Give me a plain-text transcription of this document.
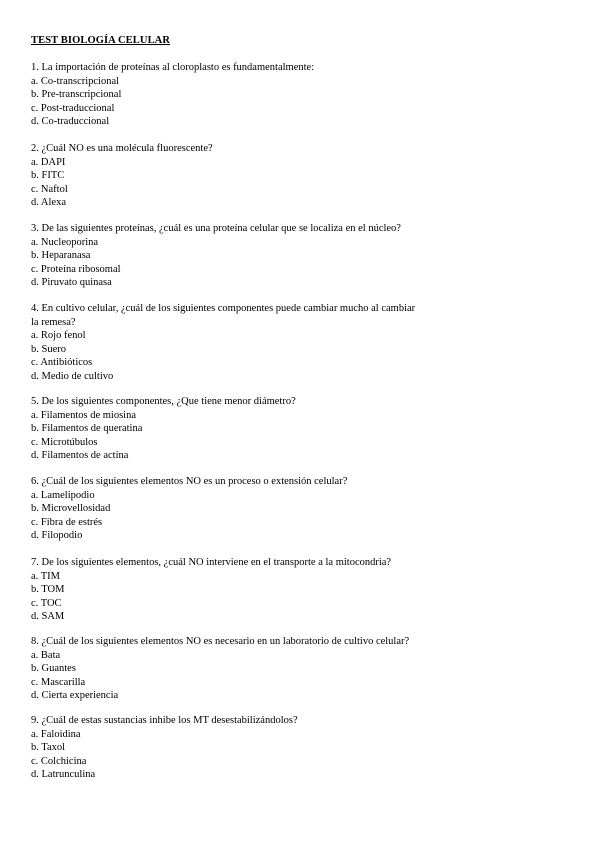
TEST BIOLOGÍA CELULAR
1. La importación de proteínas al cloroplasto es fundamentalmente:
a. Co-transcripcional
b. Pre-transcripcional
c. Post-traduccional
d. Co-traduccional
2. ¿Cuál NO es una molécula fluorescente?
a. DAPI
b. FITC
c. Naftol
d. Alexa
3. De las siguientes proteínas, ¿cuál es una proteína celular que se localiza en el núcleo?
a. Nucleoporina
b. Heparanasa
c. Proteína ribosomal
d. Piruvato quinasa
4. En cultivo celular, ¿cuál de los siguientes componentes puede cambiar mucho al cambiar la remesa?
a. Rojo fenol
b. Suero
c. Antibióticos
d. Medio de cultivo
5. De los siguientes componentes, ¿Que tiene menor diámetro?
a. Filamentos de miosina
b. Filamentos de queratina
c. Microtúbulos
d. Filamentos de actina
6. ¿Cuál de los siguientes elementos NO es un proceso o extensión celular?
a. Lamelipodio
b. Microvellosidad
c. Fibra de estrés
d. Filopodio
7. De los siguientes elementos, ¿cuál NO interviene en el transporte a la mitocondria?
a. TIM
b. TOM
c. TOC
d. SAM
8. ¿Cuál de los siguientes elementos NO es necesario en un laboratorio de cultivo celular?
a. Bata
b. Guantes
c. Mascarilla
d. Cierta experiencia
9. ¿Cuál de estas sustancias inhibe los MT desestabilizándolos?
a. Faloidina
b. Taxol
c. Colchicina
d. Latrunculina
